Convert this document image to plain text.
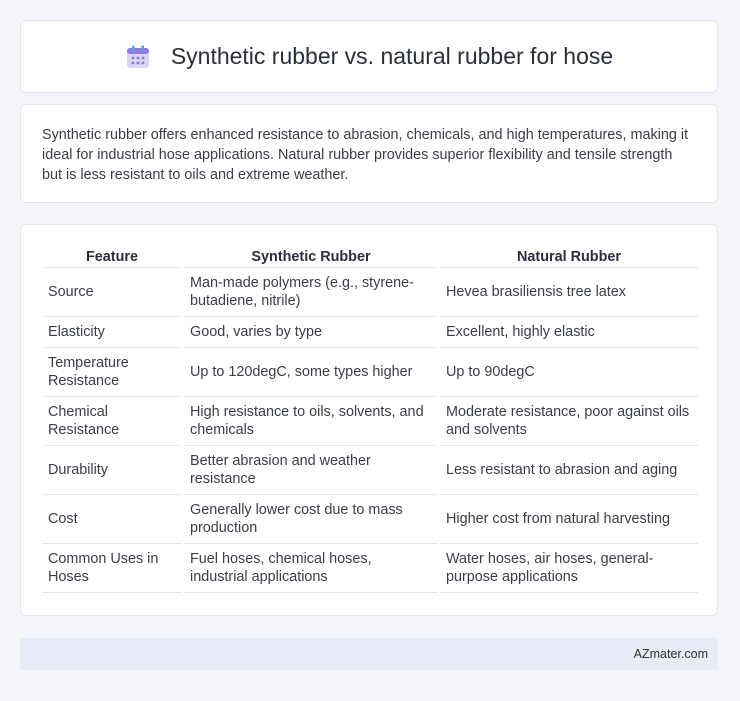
Synthetic rubber vs. natural rubber for hose

Synthetic rubber offers enhanced resistance to abrasion, chemicals, and high temperatures, making it ideal for industrial hose applications. Natural rubber provides superior flexibility and tensile strength but is less resistant to oils and extreme weather.

Feature	Synthetic Rubber	Natural Rubber
Source	Man-made polymers (e.g., styrene-butadiene, nitrile)	Hevea brasiliensis tree latex
Elasticity	Good, varies by type	Excellent, highly elastic
Temperature Resistance	Up to 120degC, some types higher	Up to 90degC
Chemical Resistance	High resistance to oils, solvents, and chemicals	Moderate resistance, poor against oils and solvents
Durability	Better abrasion and weather resistance	Less resistant to abrasion and aging
Cost	Generally lower cost due to mass production	Higher cost from natural harvesting
Common Uses in Hoses	Fuel hoses, chemical hoses, industrial applications	Water hoses, air hoses, general-purpose applications
AZmater.com
